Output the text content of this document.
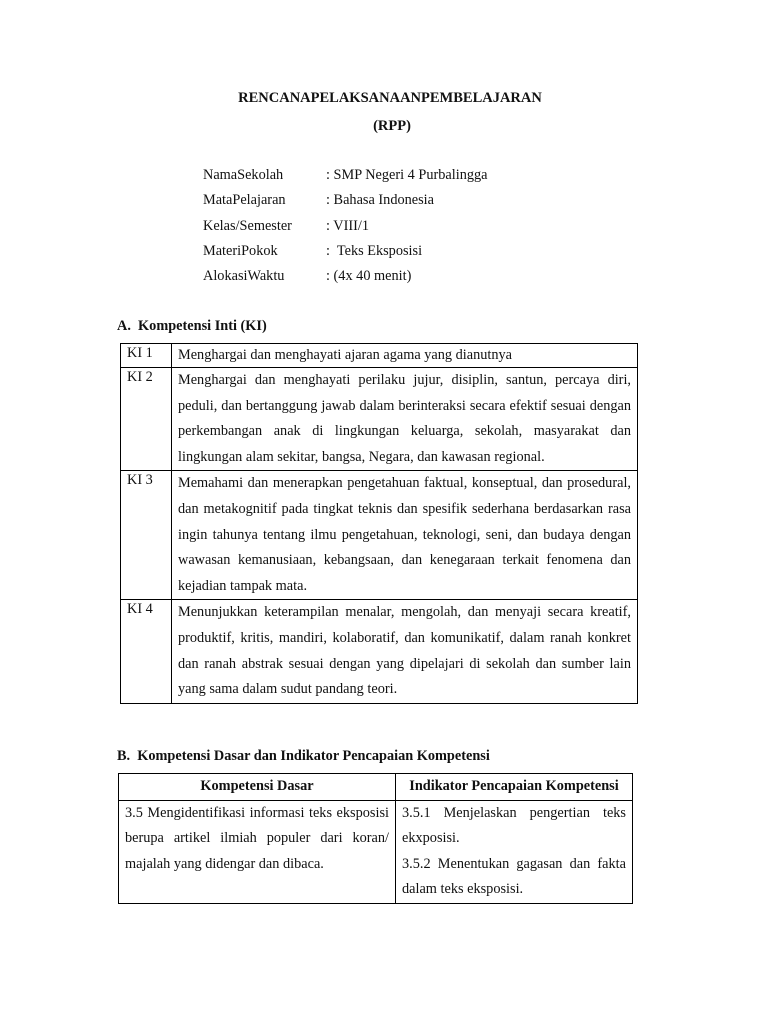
RENCANAPELAKSANAANPEMBELAJARAN
(RPP)
NamaSekolah	: SMP Negeri 4 Purbalingga
MataPelajaran	: Bahasa Indonesia
Kelas/Semester	: VIII/1
MateriPokok	:  Teks Eksposisi
AlokasiWaktu	: (4x 40 menit)
A.  Kompetensi Inti (KI)
KI 1	Menghargai dan menghayati ajaran agama yang dianutnya
KI 2	Menghargai dan menghayati perilaku jujur, disiplin, santun, percaya diri, peduli, dan bertanggung jawab dalam berinteraksi secara efektif sesuai dengan perkembangan anak di lingkungan keluarga, sekolah, masyarakat dan lingkungan alam sekitar, bangsa, Negara, dan kawasan regional.
KI 3	Memahami dan menerapkan pengetahuan faktual, konseptual, dan prosedural, dan metakognitif pada tingkat teknis dan spesifik sederhana berdasarkan rasa ingin tahunya tentang ilmu pengetahuan, teknologi, seni, dan budaya dengan wawasan kemanusiaan, kebangsaan, dan kenegaraan terkait fenomena dan kejadian tampak mata.
KI 4	Menunjukkan keterampilan menalar, mengolah, dan menyaji secara kreatif, produktif, kritis, mandiri, kolaboratif, dan komunikatif, dalam ranah konkret dan ranah abstrak sesuai dengan yang dipelajari di sekolah dan sumber lain yang sama dalam sudut pandang teori.
B.  Kompetensi Dasar dan Indikator Pencapaian Kompetensi
Kompetensi Dasar	Indikator Pencapaian Kompetensi
3.5 Mengidentifikasi informasi teks eksposisi berupa artikel ilmiah populer dari koran/ majalah yang didengar dan dibaca.	3.5.1 Menjelaskan pengertian teks ekxposisi.
3.5.2 Menentukan gagasan dan fakta dalam teks eksposisi.
